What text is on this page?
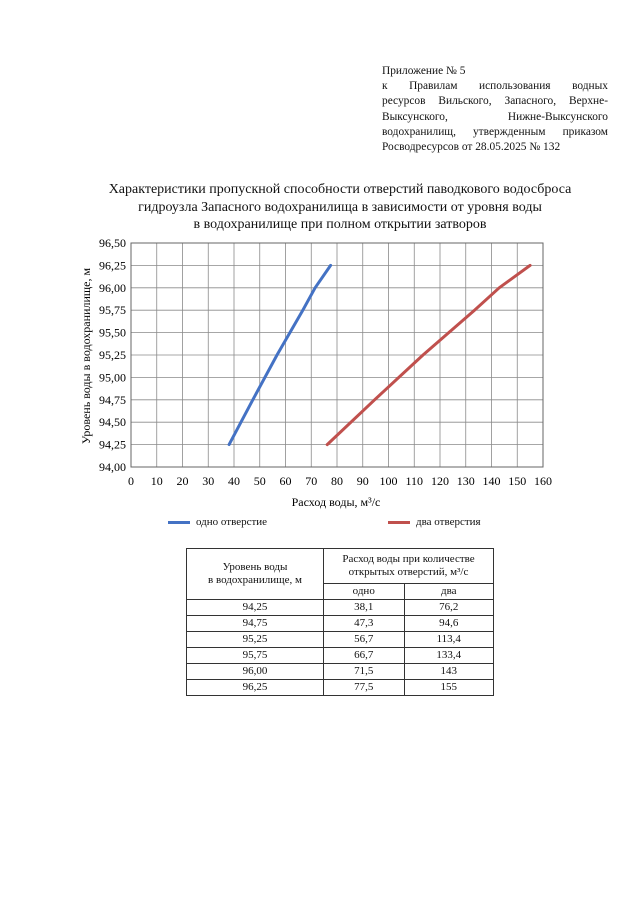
Приложение № 5
к Правилам использования водных
ресурсов Вильского, Запасного, Верхне-
Выксунского, Нижне-Выксунского
водохранилищ, утвержденным приказом
Росводресурсов от 28.05.2025 № 132
Характеристики пропускной способности отверстий паводкового водосброса
гидроузла Запасного водохранилища в зависимости от уровня воды
в водохранилище при полном открытии затворов
0 10 20 30 40 50 60 70 80 90 100 110 120 130 140 150 160
94,00
94,25
94,50
94,75
95,00
95,25
95,50
95,75
96,00
96,25
96,50
Расход воды, м³/с
Уровень воды в водохранилище, м
одно отверстие	два отверстия
Уровень воды
в водохранилище, м	Расход воды при количестве
открытых отверстий, м³/с	
	одно	два
94,25	38,1	76,2
94,75	47,3	94,6
95,25	56,7	113,4
95,75	66,7	133,4
96,00	71,5	143
96,25	77,5	155
